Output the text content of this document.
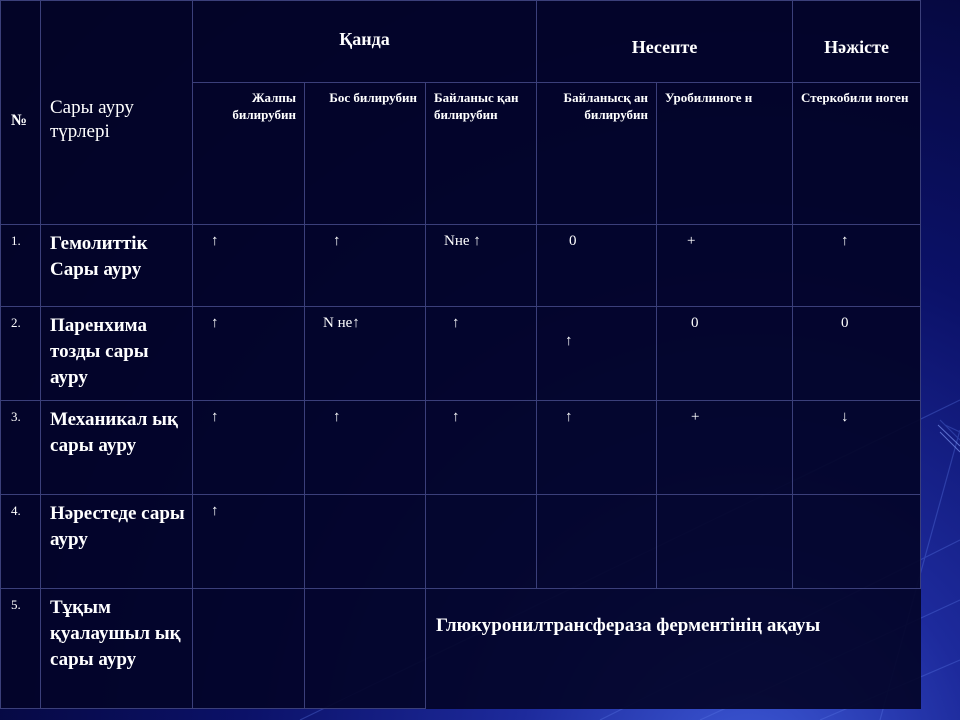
№	Сары ауру түрлері	Қанда			Несепте		Нәжісте

		Жалпы билирубин	Бос билирубин	Байланыс қан билирубин	Байланысқ ан билирубин	Уробилиноге н	Стеркобили ноген

1.	Гемолиттік Сары ауру	↑	↑	Nне ↑	0	+	↑

2.	Паренхима тозды сары ауру	↑	N не↑	↑	↑	0	0

3.	Механикал ық сары ауру	↑	↑	↑	↑	+	↓

4.	Нәрестеде сары ауру	↑					

5.	Тұқым қуалаушыл ық сары ауру			Глюкуронилтрансфераза ферментінің ақауы			
